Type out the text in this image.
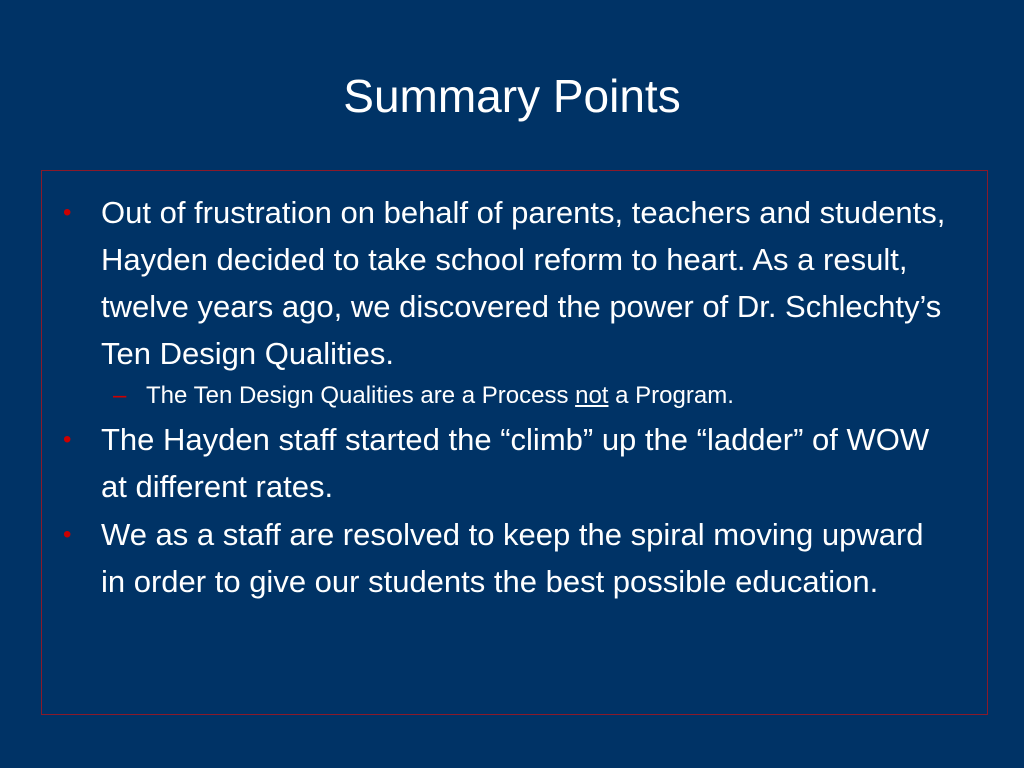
Summary Points
• Out of frustration on behalf of parents, teachers and students, Hayden decided to take school reform to heart. As a result, twelve years ago, we discovered the power of Dr. Schlechty’s Ten Design Qualities.
– The Ten Design Qualities are a Process not a Program.
• The Hayden staff started the “climb” up the “ladder” of WOW at different rates.
• We as a staff are resolved to keep the spiral moving upward in order to give our students the best possible education.
